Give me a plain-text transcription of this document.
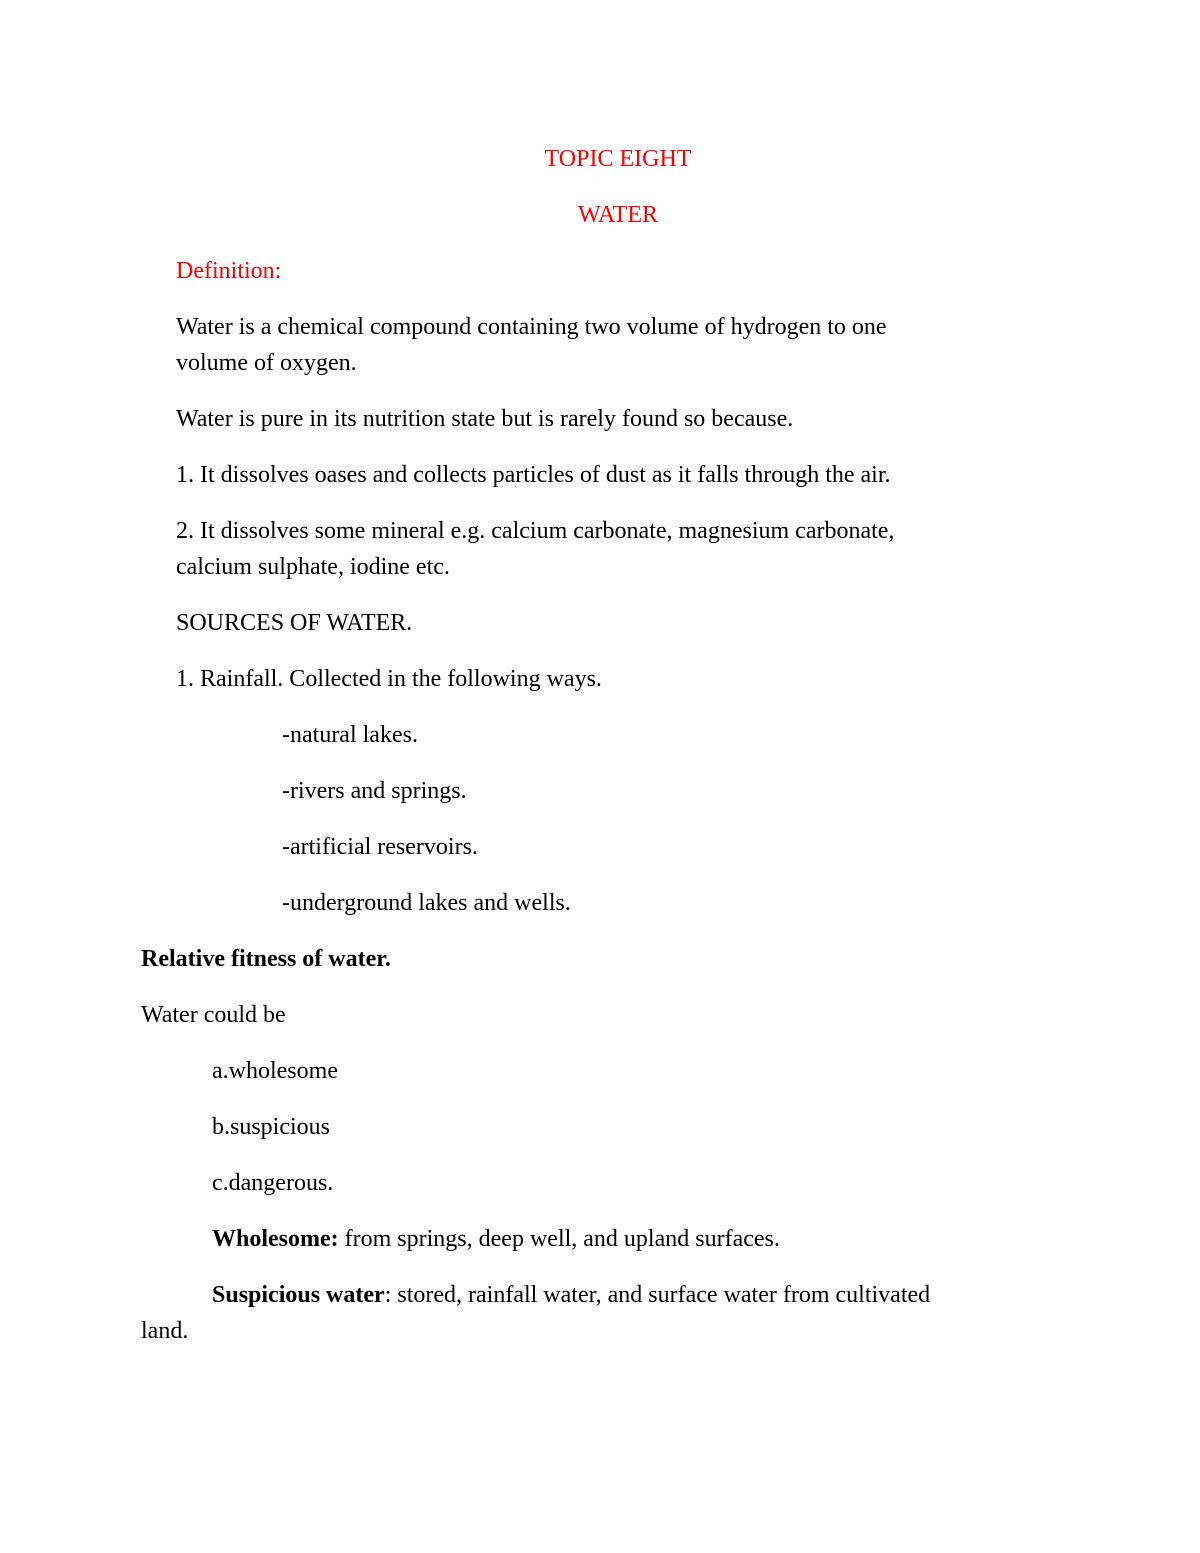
TOPIC EIGHT

WATER

Definition:

Water is a chemical compound containing two volume of hydrogen to one

volume of oxygen.

Water is pure in its nutrition state but is rarely found so because.

1. It dissolves oases and collects particles of dust as it falls through the air.

2. It dissolves some mineral e.g. calcium carbonate, magnesium carbonate,

calcium sulphate, iodine etc.

SOURCES OF WATER.

1. Rainfall. Collected in the following ways.

-natural lakes.

-rivers and springs.

-artificial reservoirs.

-underground lakes and wells.

Relative fitness of water.

Water could be

a.wholesome

b.suspicious

c.dangerous.

Wholesome: from springs, deep well, and upland surfaces.

Suspicious water: stored, rainfall water, and surface water from cultivated

land.
